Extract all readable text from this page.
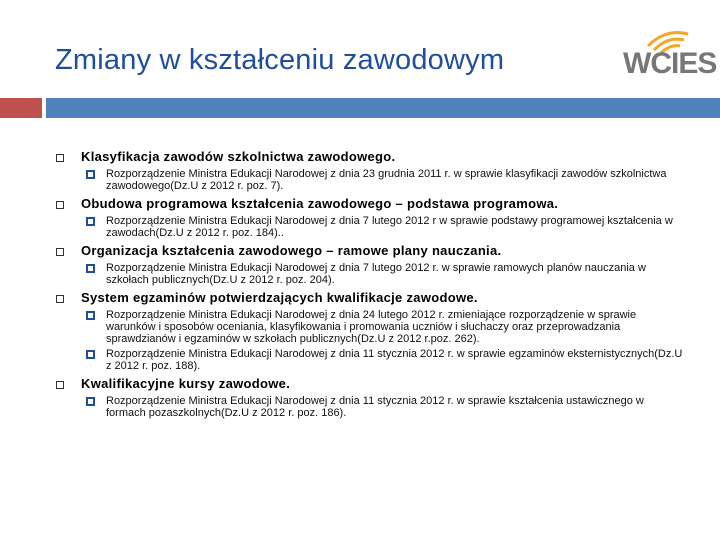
Zmiany w kształceniu zawodowym	WCIES
Klasyfikacja zawodów szkolnictwa zawodowego.
Rozporządzenie Ministra Edukacji Narodowej z dnia 23 grudnia 2011 r. w sprawie klasyfikacji zawodów szkolnictwa zawodowego(Dz.U z 2012 r. poz. 7).
Obudowa programowa kształcenia zawodowego – podstawa programowa.
Rozporządzenie Ministra Edukacji Narodowej z dnia 7 lutego 2012 r w sprawie podstawy programowej kształcenia w zawodach(Dz.U z 2012 r. poz. 184)..
Organizacja kształcenia zawodowego – ramowe plany nauczania.
Rozporządzenie Ministra Edukacji Narodowej z dnia 7 lutego 2012 r. w sprawie ramowych planów nauczania w szkołach publicznych(Dz.U z 2012 r. poz. 204).
System egzaminów potwierdzających kwalifikacje zawodowe.
Rozporządzenie Ministra Edukacji Narodowej z dnia 24 lutego 2012 r. zmieniające rozporządzenie w sprawie warunków i sposobów oceniania, klasyfikowania i promowania uczniów i słuchaczy oraz przeprowadzania sprawdzianów i egzaminów w szkołach publicznych(Dz.U z 2012 r.poz. 262).
Rozporządzenie Ministra Edukacji Narodowej z dnia 11 stycznia 2012 r. w sprawie egzaminów eksternistycznych(Dz.U z 2012 r. poz. 188).
Kwalifikacyjne kursy zawodowe.
Rozporządzenie Ministra Edukacji Narodowej z dnia 11 stycznia 2012 r. w sprawie kształcenia ustawicznego w formach pozaszkolnych(Dz.U z 2012 r. poz. 186).
